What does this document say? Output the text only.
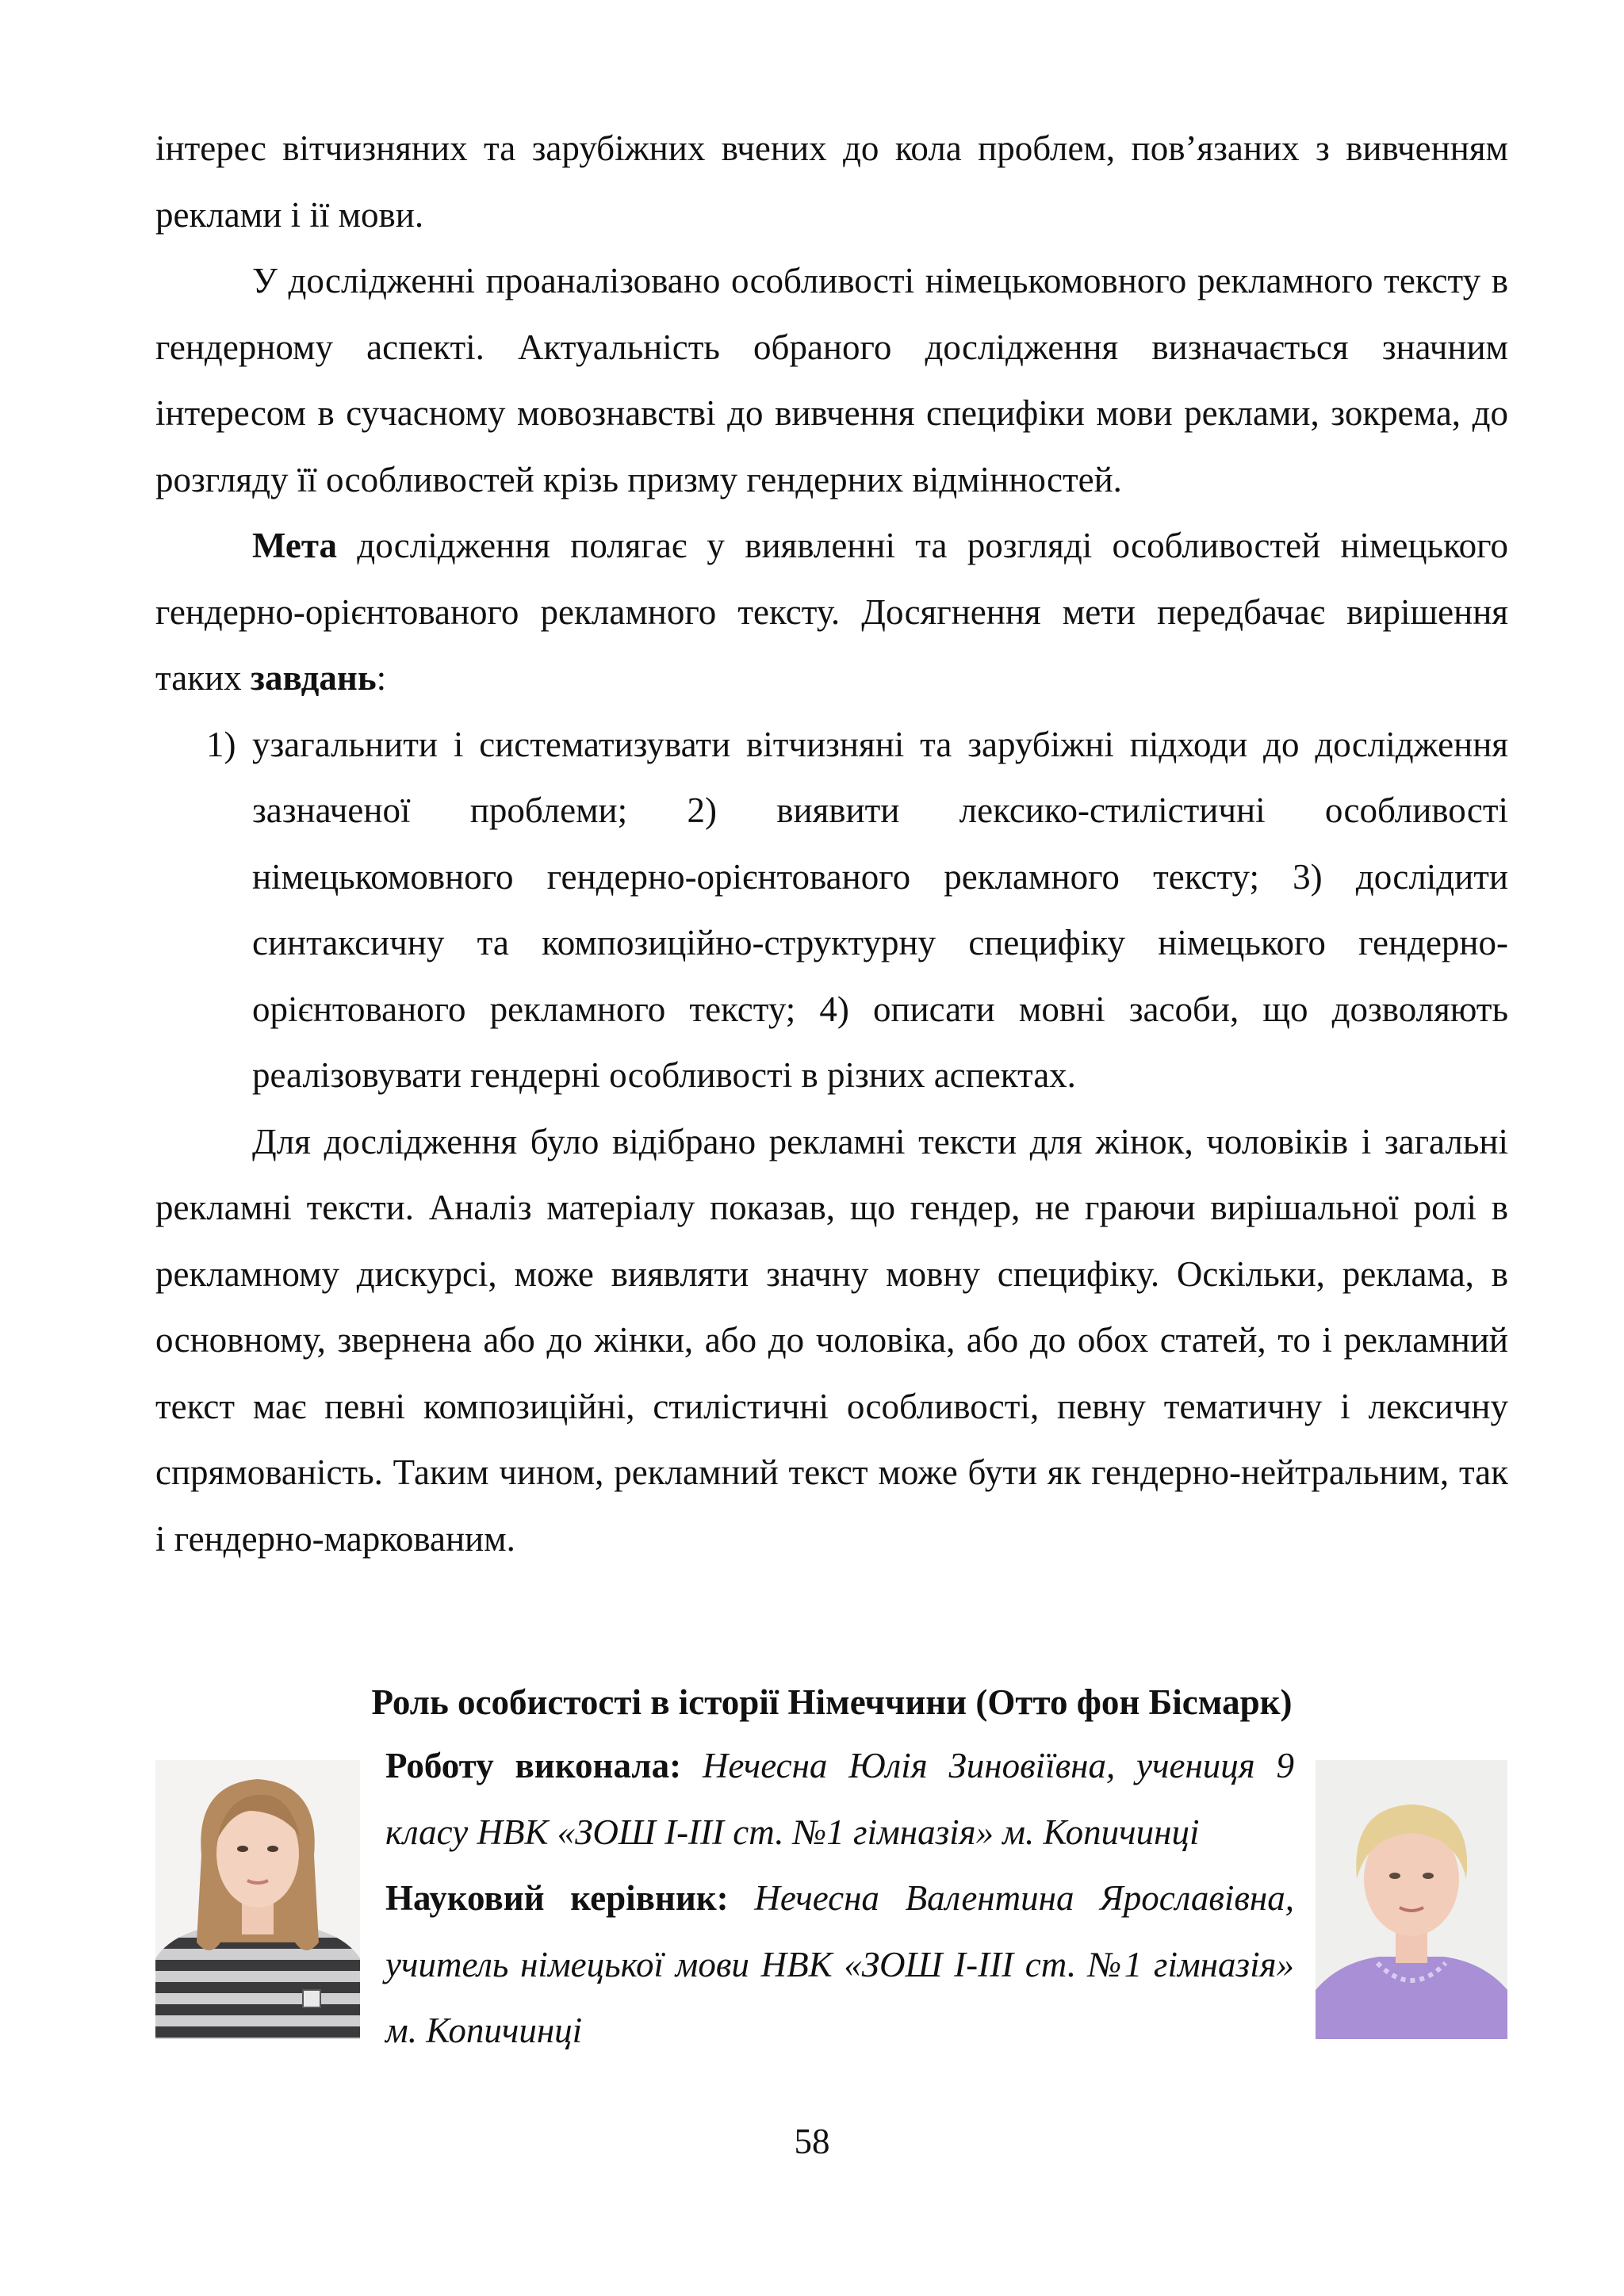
інтерес вітчизняних та зарубіжних вчених до кола проблем, пов’язаних з вивченням реклами і ії мови.

У дослідженні проаналізовано особливості німецькомовного рекламного тексту в гендерному аспекті. Актуальність обраного дослідження визначається значним інтересом в сучасному мовознавстві до вивчення специфіки мови реклами, зокрема, до розгляду її особливостей крізь призму гендерних відмінностей.

Мета дослідження полягає у виявленні та розгляді особливостей німецького гендерно-орієнтованого рекламного тексту. Досягнення мети передбачає вирішення таких завдань:

1) узагальнити і систематизувати вітчизняні та зарубіжні підходи до дослідження зазначеної проблеми; 2) виявити лексико-стилістичні особливості німецькомовного гендерно-орієнтованого рекламного тексту; 3) дослідити синтаксичну та композиційно-структурну специфіку німецького гендерно-орієнтованого рекламного тексту; 4) описати мовні засоби, що дозволяють реалізовувати гендерні особливості в різних аспектах.

Для дослідження було відібрано рекламні тексти для жінок, чоловіків і загальні рекламні тексти. Аналіз матеріалу показав, що гендер, не граючи вирішальної ролі в рекламному дискурсі, може виявляти значну мовну специфіку. Оскільки, реклама, в основному, звернена або до жінки, або до чоловіка, або до обох статей, то і рекламний текст має певні композиційні, стилістичні особливості, певну тематичну і лексичну спрямованість. Таким чином, рекламний текст може бути як гендерно-нейтральним, так і гендерно-маркованим.

Роль особистості в історії Німеччини (Отто фон Бісмарк)
Роботу виконала: Нечесна Юлія Зиновіївна, учениця 9 класу НВК «ЗОШ І-ІІІ ст. №1 гімназія» м. Копичинці
Науковий керівник: Нечесна Валентина Ярославівна, учитель німецької мови НВК «ЗОШ І-ІІІ ст. №1 гімназія» м. Копичинці
58
